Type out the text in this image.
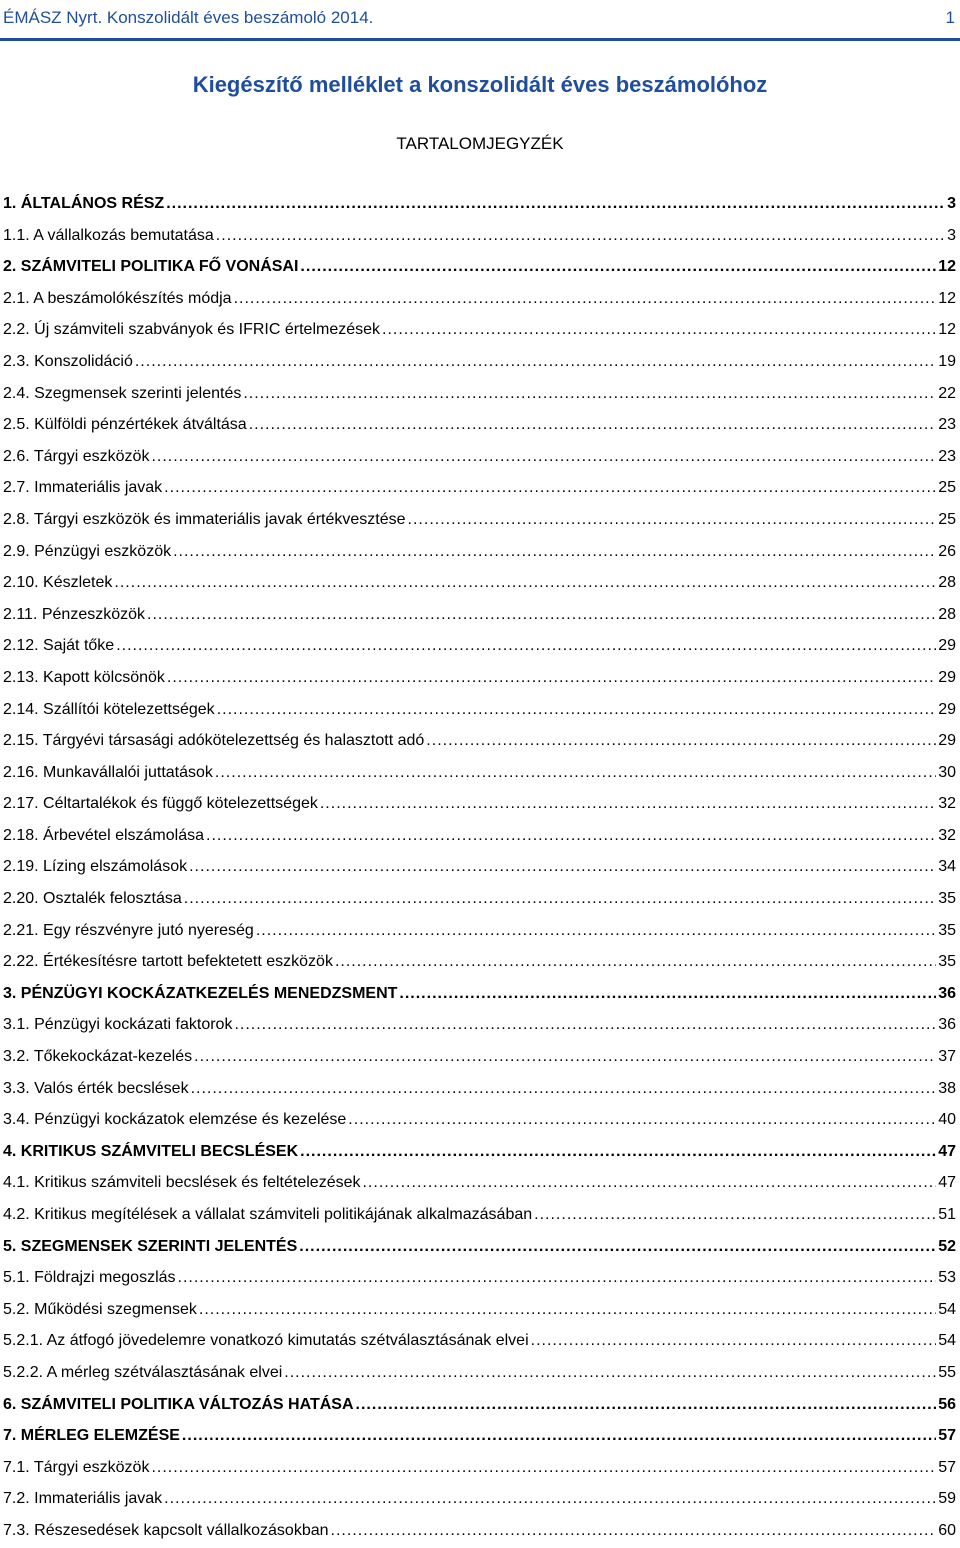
ÉMÁSZ Nyrt. Konszolidált éves beszámoló 2014.	1
Kiegészítő melléklet a konszolidált éves beszámolóhoz
TARTALOMJEGYZÉK
1. ÁLTALÁNOS RÉSZ .....	3
1.1. A vállalkozás bemutatása .....	3
2. SZÁMVITELI POLITIKA FŐ VONÁSAI .....	12
2.1. A beszámolókészítés módja .....	12
2.2. Új számviteli szabványok és IFRIC értelmezések .....	12
2.3. Konszolidáció .....	19
2.4. Szegmensek szerinti jelentés .....	22
2.5. Külföldi pénzértékek átváltása .....	23
2.6. Tárgyi eszközök .....	23
2.7. Immateriális javak .....	25
2.8. Tárgyi eszközök és immateriális javak értékvesztése .....	25
2.9. Pénzügyi eszközök .....	26
2.10. Készletek .....	28
2.11. Pénzeszközök .....	28
2.12. Saját tőke .....	29
2.13. Kapott kölcsönök .....	29
2.14. Szállítói kötelezettségek .....	29
2.15. Tárgyévi társasági adókötelezettség és halasztott adó .....	29
2.16. Munkavállalói juttatások .....	30
2.17. Céltartalékok és függő kötelezettségek .....	32
2.18. Árbevétel elszámolása .....	32
2.19. Lízing elszámolások .....	34
2.20. Osztalék felosztása .....	35
2.21. Egy részvényre jutó nyereség .....	35
2.22. Értékesítésre tartott befektetett eszközök .....	35
3. PÉNZÜGYI KOCKÁZATKEZELÉS MENEDZSMENT .....	36
3.1. Pénzügyi kockázati faktorok .....	36
3.2. Tőkekockázat-kezelés .....	37
3.3. Valós érték becslések .....	38
3.4. Pénzügyi kockázatok elemzése és kezelése .....	40
4. KRITIKUS SZÁMVITELI BECSLÉSEK .....	47
4.1. Kritikus számviteli becslések és feltételezések .....	47
4.2. Kritikus megítélések a vállalat számviteli politikájának alkalmazásában .....	51
5. SZEGMENSEK SZERINTI JELENTÉS .....	52
5.1. Földrajzi megoszlás .....	53
5.2. Működési szegmensek .....	54
5.2.1. Az átfogó jövedelemre vonatkozó kimutatás szétválasztásának elvei .....	54
5.2.2. A mérleg szétválasztásának elvei .....	55
6. SZÁMVITELI POLITIKA VÁLTOZÁS HATÁSA .....	56
7. MÉRLEG ELEMZÉSE .....	57
7.1. Tárgyi eszközök .....	57
7.2. Immateriális javak .....	59
7.3. Részesedések kapcsolt vállalkozásokban .....	60
